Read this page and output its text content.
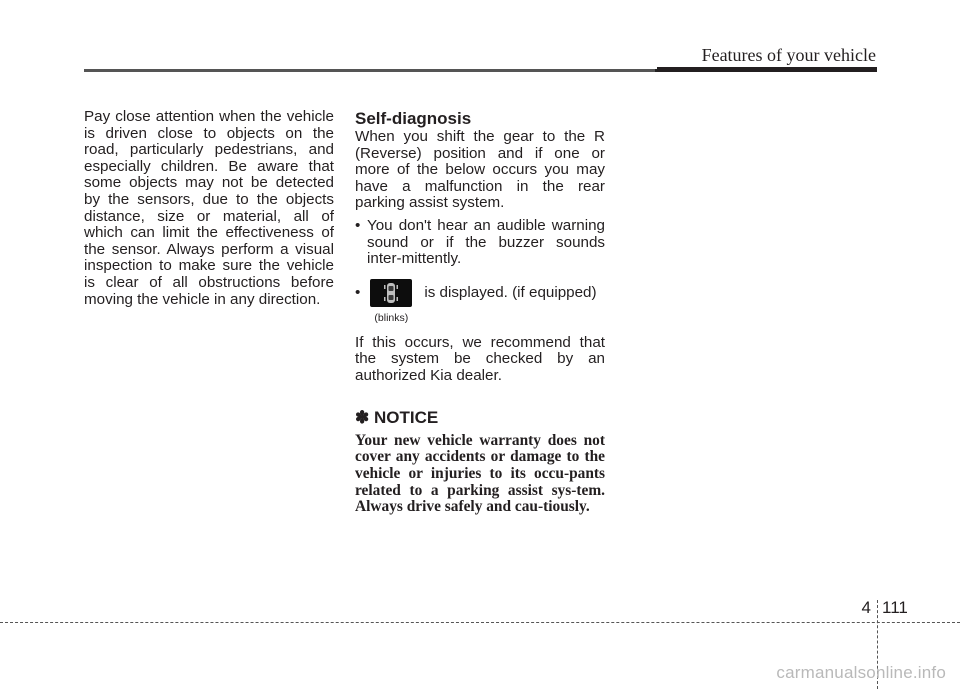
Features of your vehicle

Pay close attention when the vehicle is driven close to objects on the road, particularly pedestrians, and especially children. Be aware that some objects may not be detected by the sensors, due to the objects distance, size or material, all of which can limit the effectiveness of the sensor. Always perform a visual inspection to make sure the vehicle is clear of all obstructions before moving the vehicle in any direction.

Self-diagnosis

When you shift the gear to the R (Reverse) position and if one or more of the below occurs you may have a malfunction in the rear parking assist system.

• You don't hear an audible warning sound or if the buzzer sounds inter-mittently.
•
(blinks)
is displayed. (if equipped)

If this occurs, we recommend that the system be checked by an authorized Kia dealer.

✽ NOTICE

Your new vehicle warranty does not cover any accidents or damage to the vehicle or injuries to its occu-pants related to a parking assist sys-tem. Always drive safely and cau-tiously.

4 111
carmanualsonline.info
